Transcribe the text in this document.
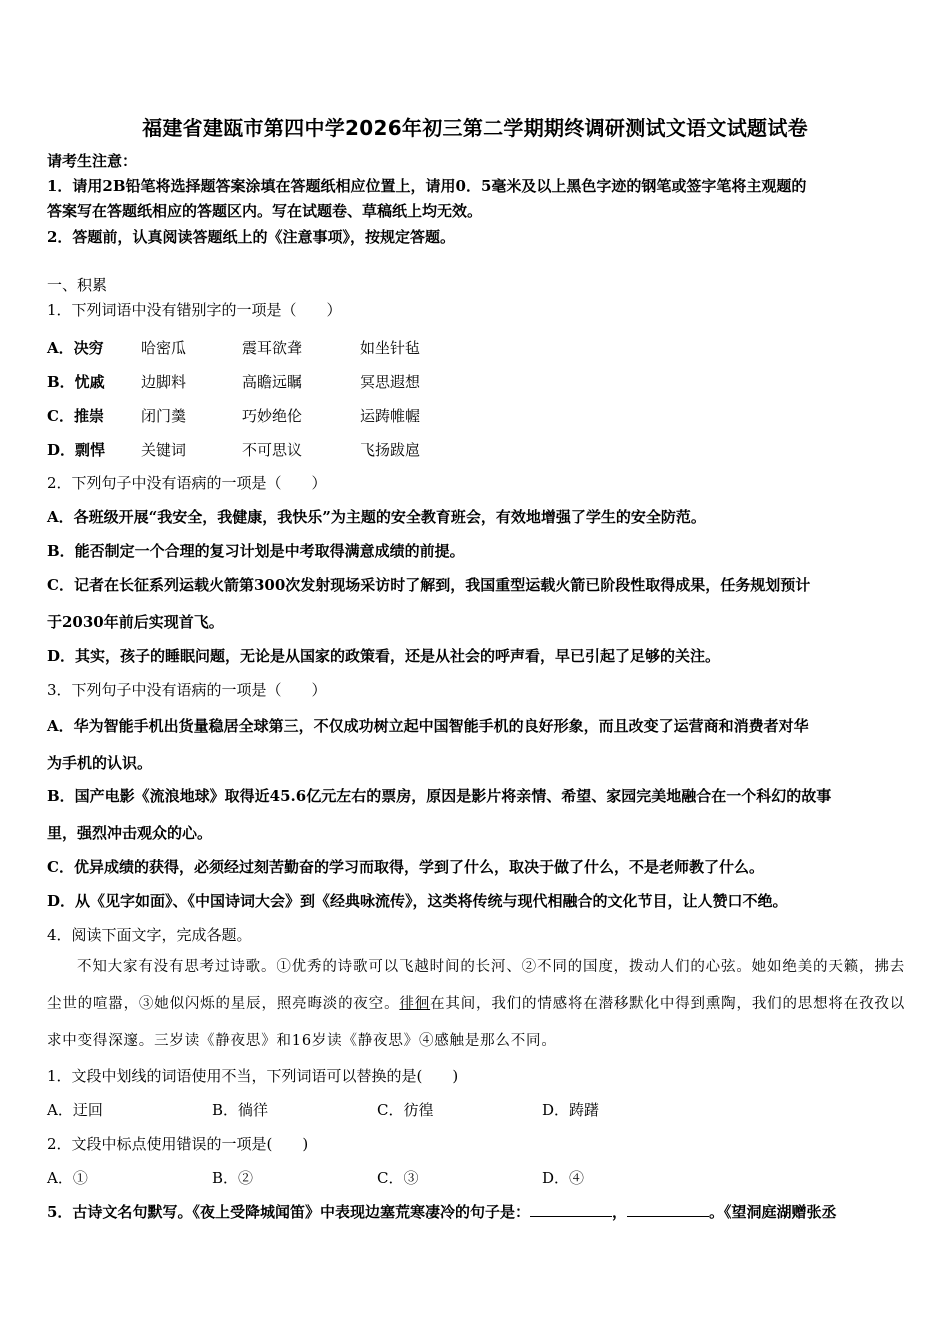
福建省建瓯市第四中学2026年初三第二学期期终调研测试文语文试题试卷
请考生注意：
1．请用2B铅笔将选择题答案涂填在答题纸相应位置上，请用0．5毫米及以上黑色字迹的钢笔或签字笔将主观题的
答案写在答题纸相应的答题区内。写在试题卷、草稿纸上均无效。
2．答题前，认真阅读答题纸上的《注意事项》，按规定答题。
一、积累
1．下列词语中没有错别字的一项是（　　）
A．决穷 哈密瓜	震耳欲聋	如坐针毡
B．忧戚 边脚料	高瞻远瞩	冥思遐想
C．推崇 闭门羹	巧妙绝伦	运踌帷幄
D．剽悍 关键词	不可思议	飞扬跋扈
2．下列句子中没有语病的一项是（　　）
A．各班级开展“我安全，我健康，我快乐”为主题的安全教育班会，有效地增强了学生的安全防范。
B．能否制定一个合理的复习计划是中考取得满意成绩的前提。
C．记者在长征系列运载火箭第300次发射现场采访时了解到，我国重型运载火箭已阶段性取得成果，任务规划预计
于2030年前后实现首飞。
D．其实，孩子的睡眠问题，无论是从国家的政策看，还是从社会的呼声看，早已引起了足够的关注。
3．下列句子中没有语病的一项是（　　）
A．华为智能手机出货量稳居全球第三，不仅成功树立起中国智能手机的良好形象，而且改变了运营商和消费者对华
为手机的认识。
B．国产电影《流浪地球》取得近45.6亿元左右的票房，原因是影片将亲情、希望、家园完美地融合在一个科幻的故事
里，强烈冲击观众的心。
C．优异成绩的获得，必须经过刻苦勤奋的学习而取得，学到了什么，取决于做了什么，不是老师教了什么。
D．从《见字如面》、《中国诗词大会》到《经典咏流传》，这类将传统与现代相融合的文化节目，让人赞口不绝。
4．阅读下面文字，完成各题。
不知大家有没有思考过诗歌。①优秀的诗歌可以飞越时间的长河、②不同的国度，拨动人们的心弦。她如绝美的天籁，拂去尘世的喧嚣，③她似闪烁的星辰，照亮晦淡的夜空。徘徊在其间，我们的情感将在潜移默化中得到熏陶，我们的思想将在孜孜以求中变得深邃。三岁读《静夜思》和16岁读《静夜思》④感触是那么不同。
1．文段中划线的词语使用不当，下列词语可以替换的是(　　)
A．迂回	B．徜徉	C．彷徨	D．踌躇
2．文段中标点使用错误的一项是(　　)
A．①	B．②	C．③	D．④
5．古诗文名句默写。《夜上受降城闻笛》中表现边塞荒寒凄冷的句子是：	，	。《望洞庭湖赠张丞
